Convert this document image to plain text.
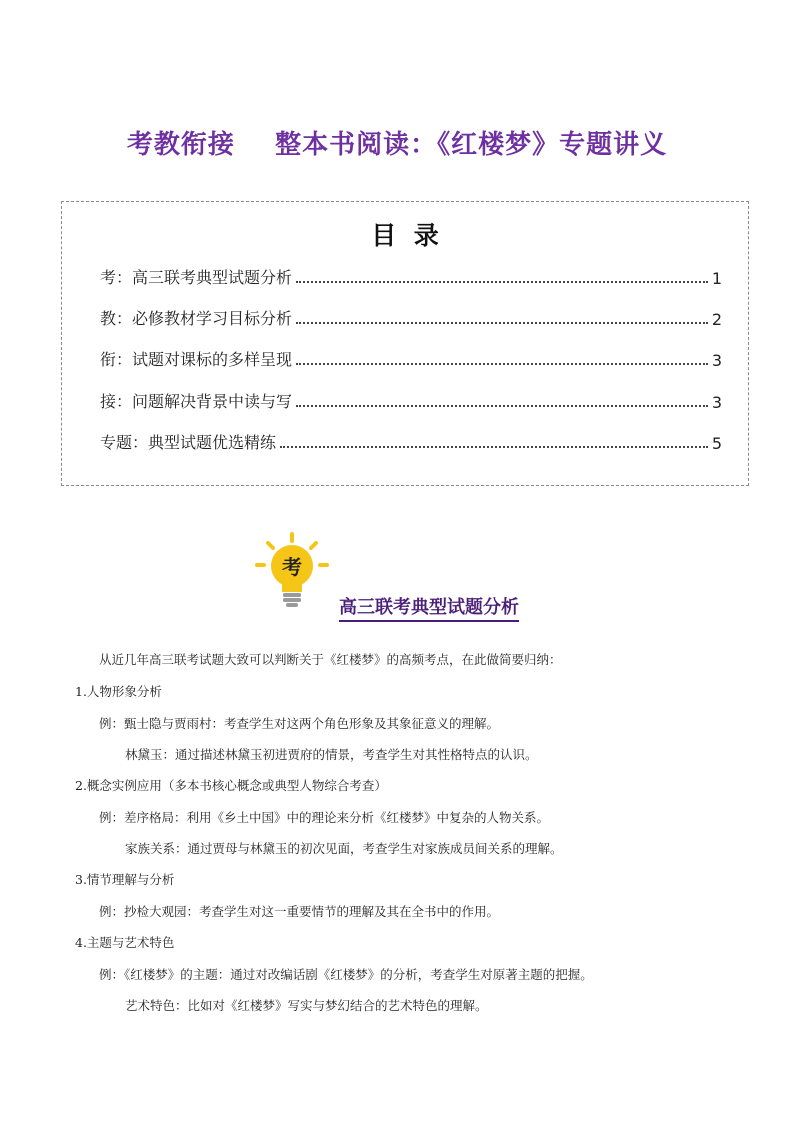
考教衔接    整本书阅读：《红楼梦》专题讲义
目  录
考：高三联考典型试题分析	1
教：必修教材学习目标分析	2
衔：试题对课标的多样呈现	3
接：问题解决背景中读与写	3
专题：典型试题优选精练	5
考
高三联考典型试题分析
从近几年高三联考试题大致可以判断关于《红楼梦》的高频考点，在此做简要归纳：
1.人物形象分析
例：甄士隐与贾雨村：考查学生对这两个角色形象及其象征意义的理解。
林黛玉：通过描述林黛玉初进贾府的情景，考查学生对其性格特点的认识。
2.概念实例应用（多本书核心概念或典型人物综合考查）
例：差序格局：利用《乡土中国》中的理论来分析《红楼梦》中复杂的人物关系。
家族关系：通过贾母与林黛玉的初次见面，考查学生对家族成员间关系的理解。
3.情节理解与分析
例：抄检大观园：考查学生对这一重要情节的理解及其在全书中的作用。
4.主题与艺术特色
例：《红楼梦》的主题：通过对改编话剧《红楼梦》的分析，考查学生对原著主题的把握。
艺术特色：比如对《红楼梦》写实与梦幻结合的艺术特色的理解。
